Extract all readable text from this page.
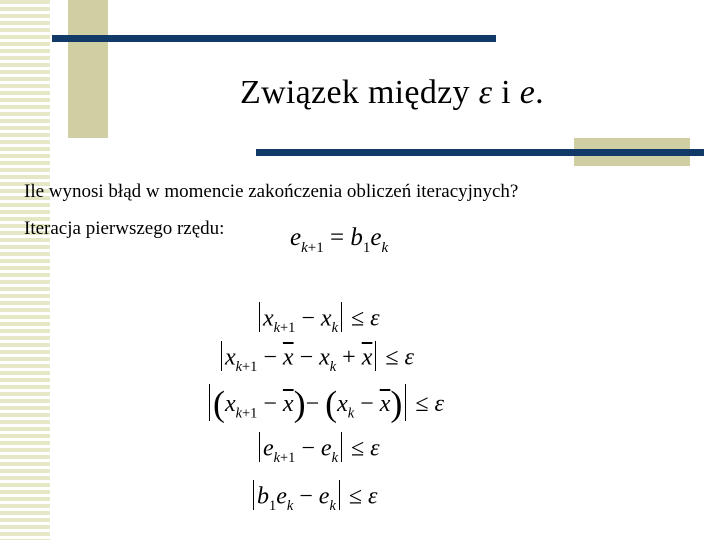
Związek między ε i e.
Ile wynosi błąd w momencie zakończenia obliczeń iteracyjnych?
Iteracja pierwszego rzędu:	$e_{k+1} = b_1e_k$
$x_{k+1} - x_k \le \varepsilon$
$x_{k+1} - \overline{x} - x_k + \overline{x} \le \varepsilon$
$(x_{k+1} - \overline{x})- (x_k - \overline{x}) \le \varepsilon$
$e_{k+1} - e_k \le \varepsilon$
$b_1e_k - e_k \le \varepsilon$
